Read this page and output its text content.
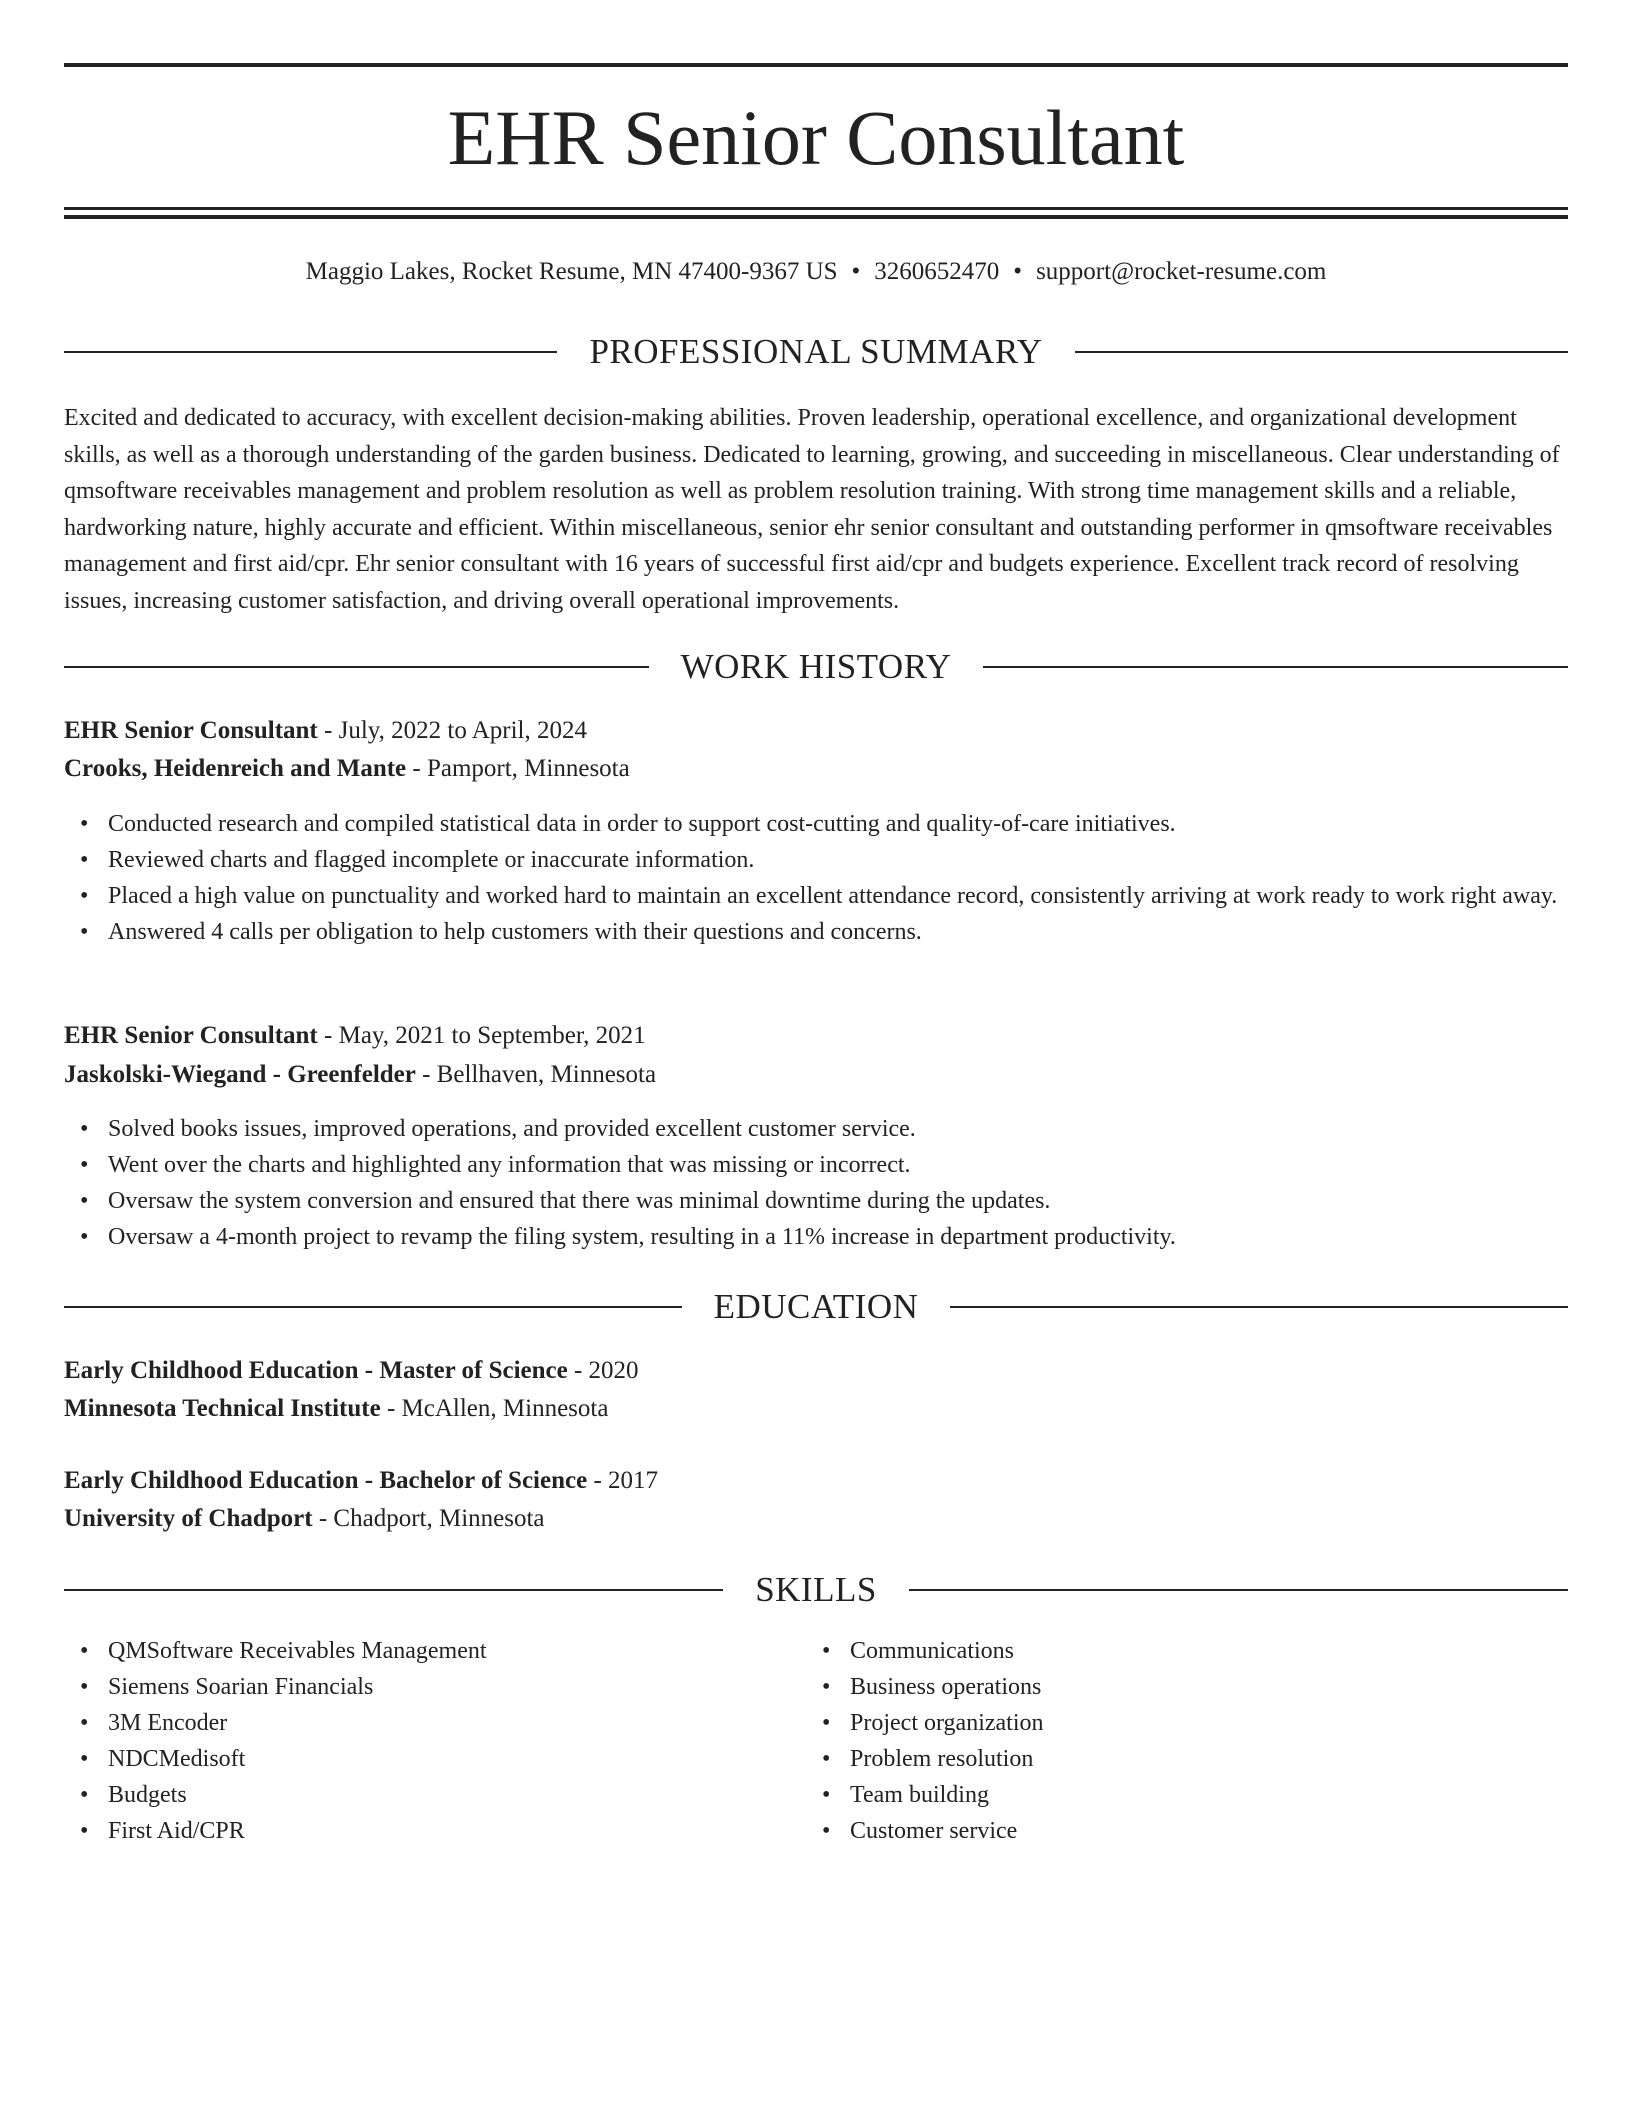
EHR Senior Consultant
Maggio Lakes, Rocket Resume, MN 47400-9367 US • 3260652470 • support@rocket-resume.com
PROFESSIONAL SUMMARY

Excited and dedicated to accuracy, with excellent decision-making abilities. Proven leadership, operational excellence, and organizational development skills, as well as a thorough understanding of the garden business. Dedicated to learning, growing, and succeeding in miscellaneous. Clear understanding of qmsoftware receivables management and problem resolution as well as problem resolution training. With strong time management skills and a reliable, hardworking nature, highly accurate and efficient. Within miscellaneous, senior ehr senior consultant and outstanding performer in qmsoftware receivables management and first aid/cpr. Ehr senior consultant with 16 years of successful first aid/cpr and budgets experience. Excellent track record of resolving issues, increasing customer satisfaction, and driving overall operational improvements.

WORK HISTORY
EHR Senior Consultant - July, 2022 to April, 2024
Crooks, Heidenreich and Mante - Pamport, Minnesota
• Conducted research and compiled statistical data in order to support cost-cutting and quality-of-care initiatives.
• Reviewed charts and flagged incomplete or inaccurate information.
• Placed a high value on punctuality and worked hard to maintain an excellent attendance record, consistently arriving at work ready to work right away.
• Answered 4 calls per obligation to help customers with their questions and concerns.
EHR Senior Consultant - May, 2021 to September, 2021
Jaskolski-Wiegand - Greenfelder - Bellhaven, Minnesota
• Solved books issues, improved operations, and provided excellent customer service.
• Went over the charts and highlighted any information that was missing or incorrect.
• Oversaw the system conversion and ensured that there was minimal downtime during the updates.
• Oversaw a 4-month project to revamp the filing system, resulting in a 11% increase in department productivity.
EDUCATION
Early Childhood Education - Master of Science - 2020
Minnesota Technical Institute - McAllen, Minnesota
Early Childhood Education - Bachelor of Science - 2017
University of Chadport - Chadport, Minnesota
SKILLS
• QMSoftware Receivables Management
• Siemens Soarian Financials
• 3M Encoder
• NDCMedisoft
• Budgets
• First Aid/CPR
• Communications
• Business operations
• Project organization
• Problem resolution
• Team building
• Customer service
